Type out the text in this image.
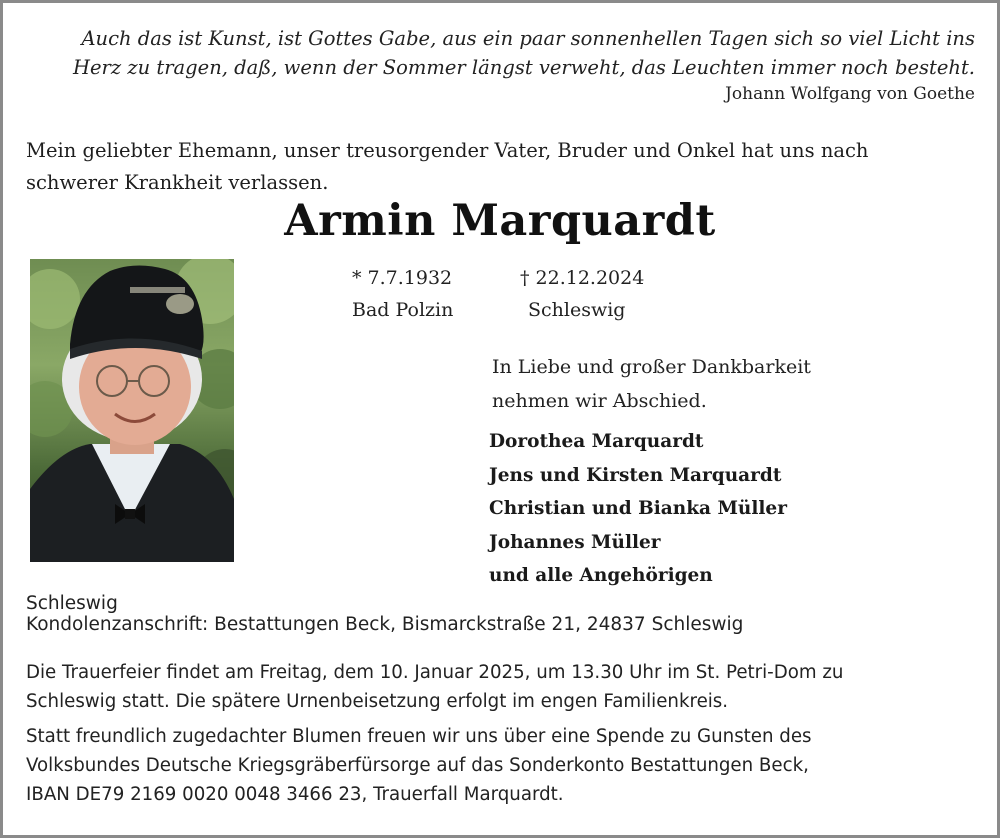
Auch das ist Kunst, ist Gottes Gabe, aus ein paar sonnenhellen Tagen sich so viel Licht ins
Herz zu tragen, daß, wenn der Sommer längst verweht, das Leuchten immer noch besteht.
Johann Wolfgang von Goethe
Mein geliebter Ehemann, unser treusorgender Vater, Bruder und Onkel hat uns nach
schwerer Krankheit verlassen.
Armin Marquardt
* 7.7.1932
Bad Polzin
† 22.12.2024
Schleswig
In Liebe und großer Dankbarkeit
nehmen wir Abschied.
Dorothea Marquardt
Jens und Kirsten Marquardt
Christian und Bianka Müller
Johannes Müller
und alle Angehörigen
Schleswig
Kondolenzanschrift: Bestattungen Beck, Bismarckstraße 21, 24837 Schleswig
Die Trauerfeier findet am Freitag, dem 10. Januar 2025, um 13.30 Uhr im St. Petri-Dom zu
Schleswig statt. Die spätere Urnenbeisetzung erfolgt im engen Familienkreis.
Statt freundlich zugedachter Blumen freuen wir uns über eine Spende zu Gunsten des
Volksbundes Deutsche Kriegsgräberfürsorge auf das Sonderkonto Bestattungen Beck,
IBAN DE79 2169 0020 0048 3466 23, Trauerfall Marquardt.
